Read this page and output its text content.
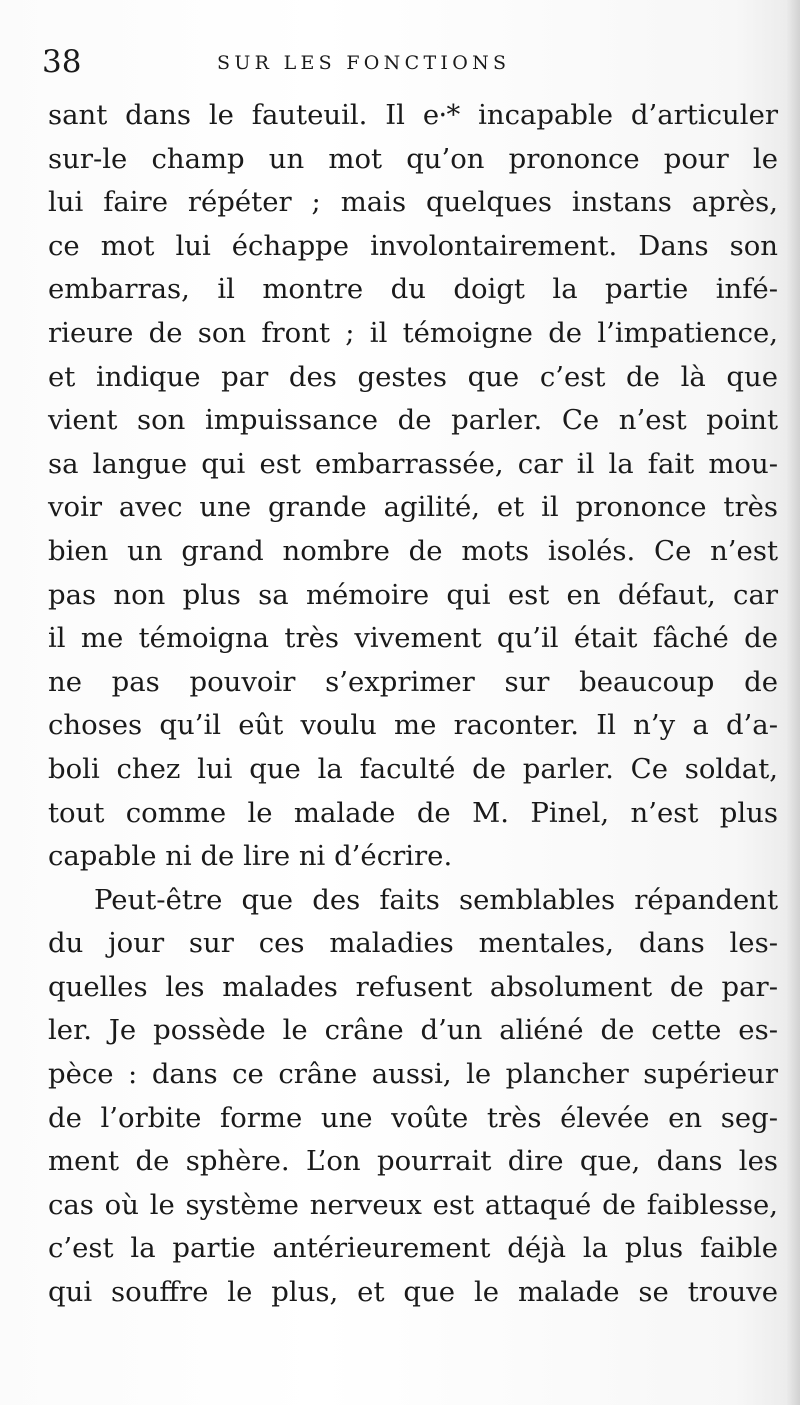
38	SUR LES FONCTIONS
sant dans le fauteuil. Il e⸱* incapable d’articuler
sur-le champ un mot qu’on prononce pour le
lui faire répéter ; mais quelques instans après,
ce mot lui échappe involontairement. Dans son
embarras, il montre du doigt la partie infé-
rieure de son front ; il témoigne de l’impatience,
et indique par des gestes que c’est de là que
vient son impuissance de parler. Ce n’est point
sa langue qui est embarrassée, car il la fait mou-
voir avec une grande agilité, et il prononce très
bien un grand nombre de mots isolés. Ce n’est
pas non plus sa mémoire qui est en défaut, car
il me témoigna très vivement qu’il était fâché de
ne pas pouvoir s’exprimer sur beaucoup de
choses qu’il eût voulu me raconter. Il n’y a d’a-
boli chez lui que la faculté de parler. Ce soldat,
tout comme le malade de M. Pinel, n’est plus
capable ni de lire ni d’écrire.
Peut-être que des faits semblables répandent
du jour sur ces maladies mentales, dans les-
quelles les malades refusent absolument de par-
ler. Je possède le crâne d’un aliéné de cette es-
pèce : dans ce crâne aussi, le plancher supérieur
de l’orbite forme une voûte très élevée en seg-
ment de sphère. L’on pourrait dire que, dans les
cas où le système nerveux est attaqué de faiblesse,
c’est la partie antérieurement déjà la plus faible
qui souffre le plus, et que le malade se trouve
